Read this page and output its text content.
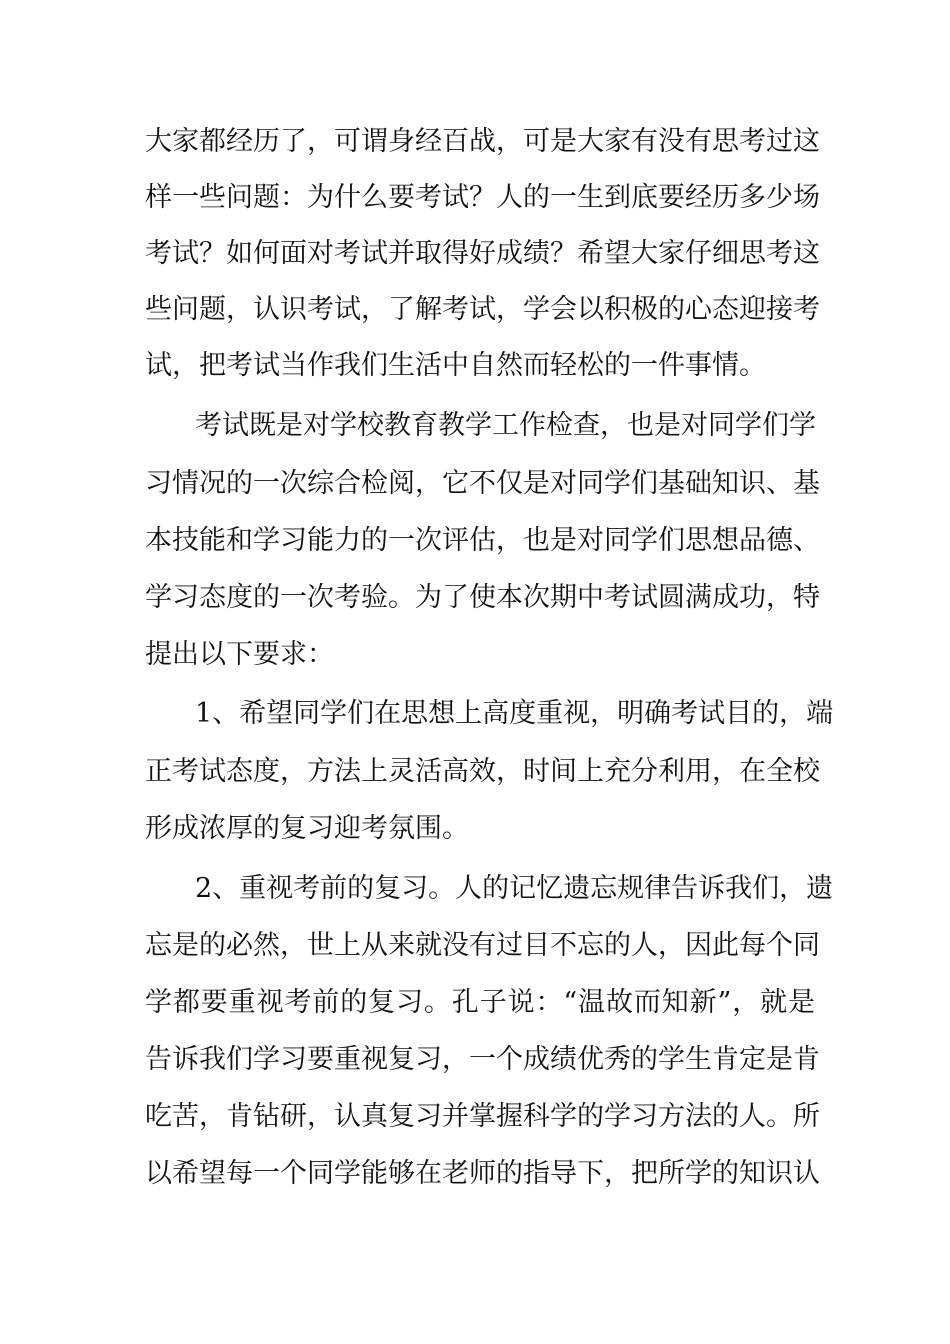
大家都经历了，可谓身经百战，可是大家有没有思考过这
样一些问题：为什么要考试？人的一生到底要经历多少场
考试？如何面对考试并取得好成绩？希望大家仔细思考这
些问题，认识考试，了解考试，学会以积极的心态迎接考
试，把考试当作我们生活中自然而轻松的一件事情。
考试既是对学校教育教学工作检查，也是对同学们学
习情况的一次综合检阅，它不仅是对同学们基础知识、基
本技能和学习能力的一次评估，也是对同学们思想品德、
学习态度的一次考验。为了使本次期中考试圆满成功，特
提出以下要求：
1、希望同学们在思想上高度重视，明确考试目的，端
正考试态度，方法上灵活高效，时间上充分利用，在全校
形成浓厚的复习迎考氛围。
2、重视考前的复习。人的记忆遗忘规律告诉我们，遗
忘是的必然，世上从来就没有过目不忘的人，因此每个同
学都要重视考前的复习。孔子说：“温故而知新”，就是
告诉我们学习要重视复习，一个成绩优秀的学生肯定是肯
吃苦，肯钻研，认真复习并掌握科学的学习方法的人。所
以希望每一个同学能够在老师的指导下，把所学的知识认
